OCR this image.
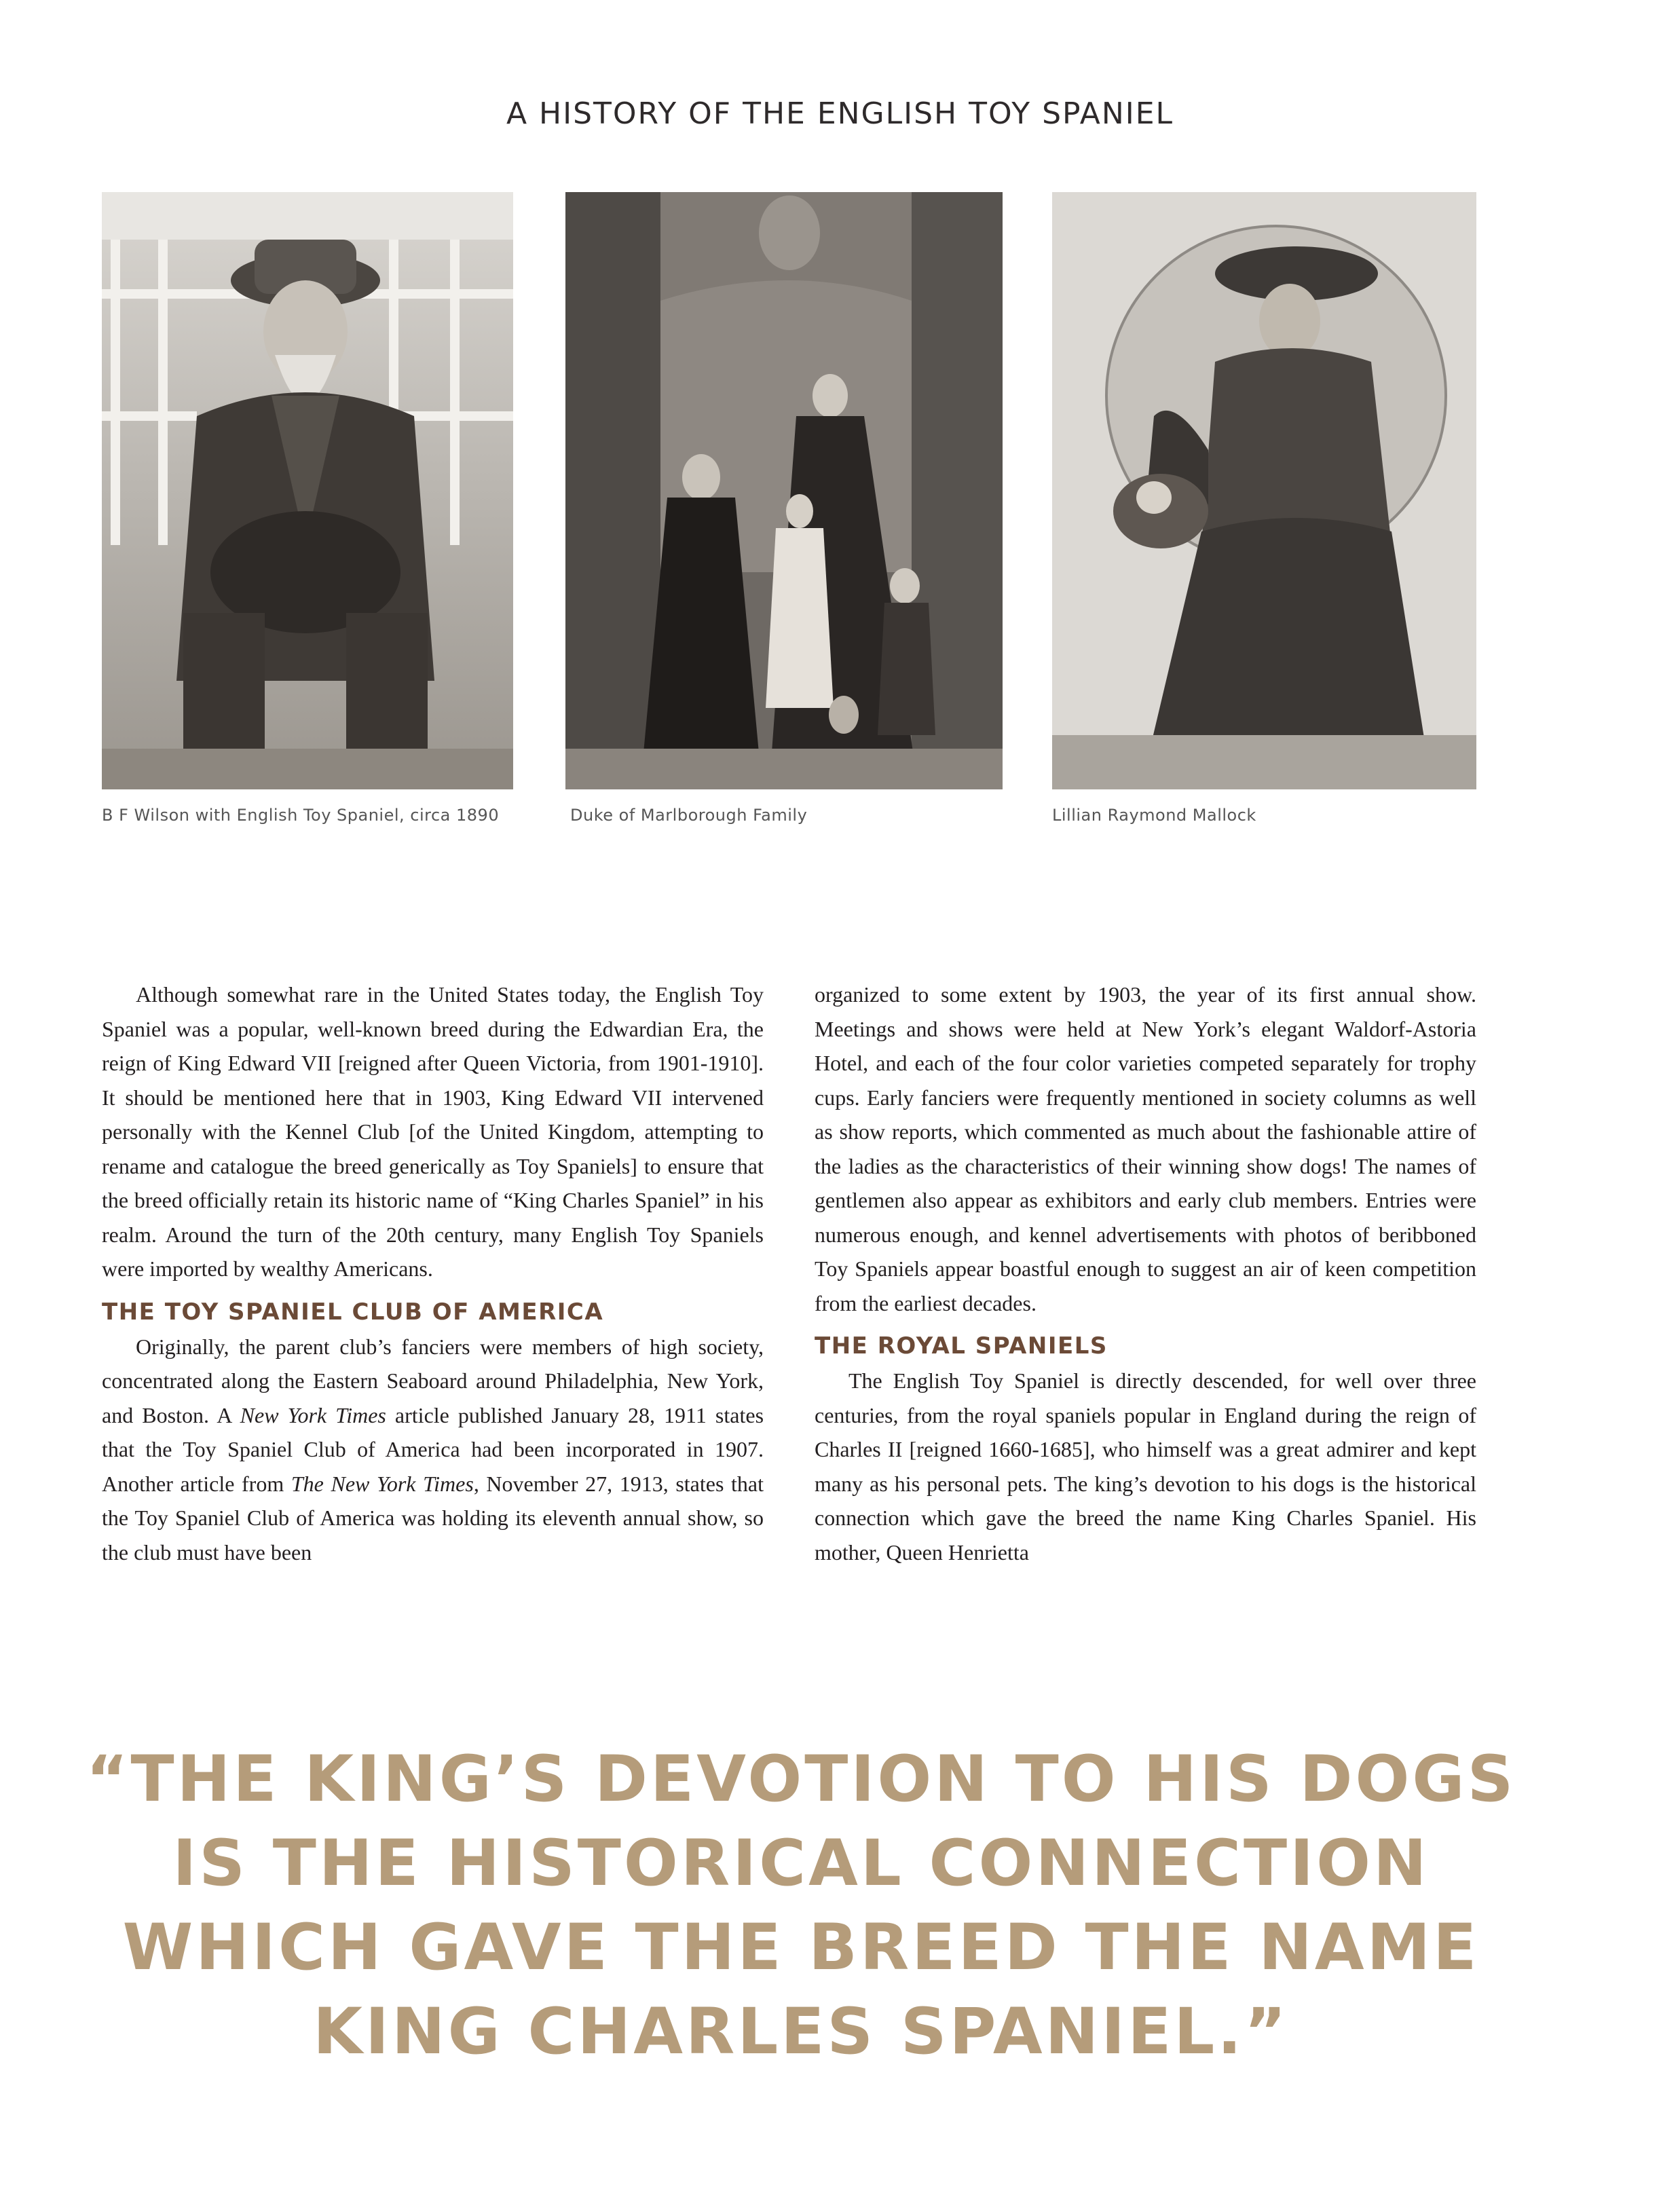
A HISTORY OF THE ENGLISH TOY SPANIEL
B F Wilson with English Toy Spaniel, circa 1890	Duke of Marlborough Family	Lillian Raymond Mallock

Although somewhat rare in the United States today, the English Toy Spaniel was a popular, well-known breed during the Edwardian Era, the reign of King Edward VII [reigned after Queen Victoria, from 1901-1910]. It should be mentioned here that in 1903, King Edward VII intervened personally with the Kennel Club [of the United Kingdom, attempting to rename and catalogue the breed generically as Toy Spaniels] to ensure that the breed officially retain its historic name of “King Charles Spaniel” in his realm. Around the turn of the 20th century, many English Toy Spaniels were imported by wealthy Americans.

THE TOY SPANIEL CLUB OF AMERICA

Originally, the parent club’s fanciers were members of high society, concentrated along the Eastern Seaboard around Philadelphia, New York, and Boston. A New York Times article published January 28, 1911 states that the Toy Spaniel Club of America had been incorporated in 1907. Another article from The New York Times, November 27, 1913, states that the Toy Spaniel Club of America was holding its eleventh annual show, so the club must have been

organized to some extent by 1903, the year of its first annual show. Meetings and shows were held at New York’s elegant Waldorf-Astoria Hotel, and each of the four color varieties competed separately for trophy cups. Early fanciers were frequently mentioned in society columns as well as show reports, which commented as much about the fashionable attire of the ladies as the characteristics of their winning show dogs! The names of gentlemen also appear as exhibitors and early club members. Entries were numerous enough, and kennel advertisements with photos of beribboned Toy Spaniels appear boastful enough to suggest an air of keen competition from the earliest decades.

THE ROYAL SPANIELS

The English Toy Spaniel is directly descended, for well over three centuries, from the royal spaniels popular in England during the reign of Charles II [reigned 1660-1685], who himself was a great admirer and kept many as his personal pets. The king’s devotion to his dogs is the historical connection which gave the breed the name King Charles Spaniel. His mother, Queen Henrietta

“THE KING’S DEVOTION TO HIS DOGS
IS THE HISTORICAL CONNECTION
WHICH GAVE THE BREED THE NAME
KING CHARLES SPANIEL.”
